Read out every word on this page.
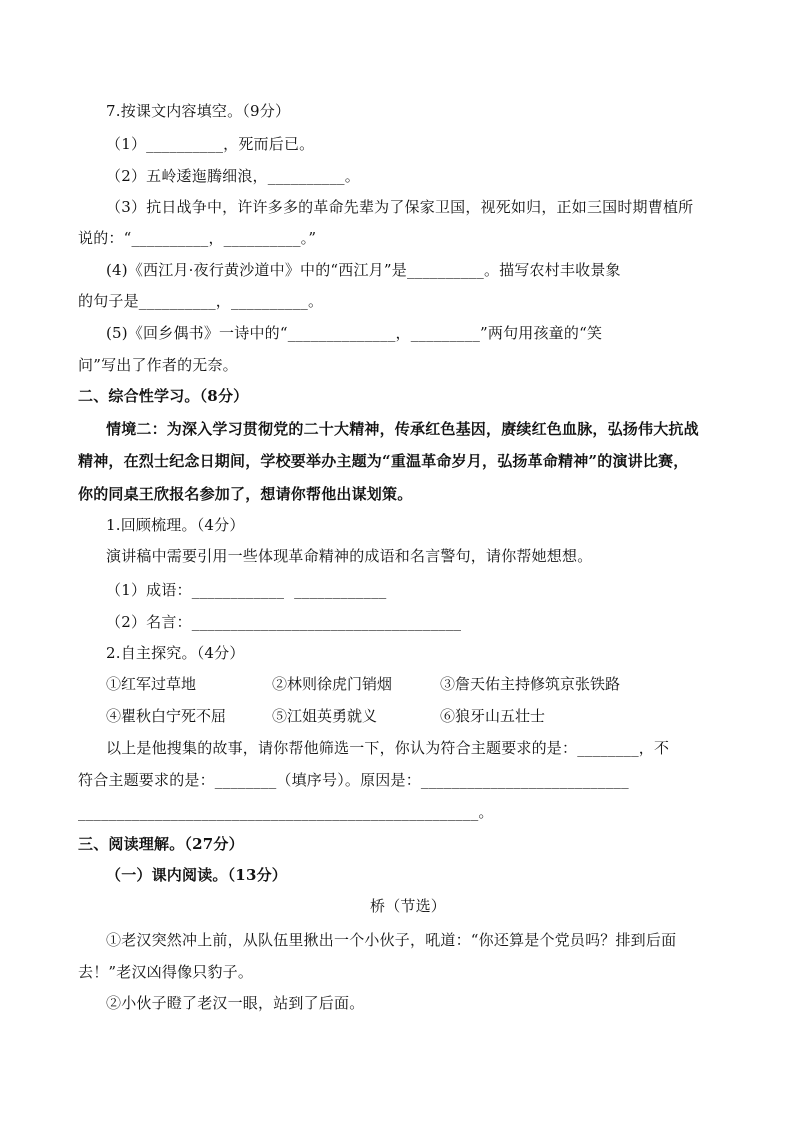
7.按课文内容填空。（9分）
（1）__________，死而后已。
（2）五岭逶迤腾细浪，__________。
（3）抗日战争中，许许多多的革命先辈为了保家卫国，视死如归，正如三国时期曹植所
说的：“__________，__________。”
(4)《西江月·夜行黄沙道中》中的“西江月”是__________。描写农村丰收景象
的句子是__________，__________。
(5)《回乡偶书》一诗中的“______________，_________”两句用孩童的“笑
问”写出了作者的无奈。
二、综合性学习。（8分）
情境二：为深入学习贯彻党的二十大精神，传承红色基因，赓续红色血脉，弘扬伟大抗战
精神，在烈士纪念日期间，学校要举办主题为“重温革命岁月，弘扬革命精神”的演讲比赛，
你的同桌王欣报名参加了，想请你帮他出谋划策。
1.回顾梳理。（4分）
演讲稿中需要引用一些体现革命精神的成语和名言警句，请你帮她想想。
（1）成语：____________  ____________
（2）名言：___________________________________
2.自主探究。（4分）
①红军过草地	②林则徐虎门销烟	③詹天佑主持修筑京张铁路
④瞿秋白宁死不屈	⑤江姐英勇就义	⑥狼牙山五壮士
以上是他搜集的故事，请你帮他筛选一下，你认为符合主题要求的是：________，不
符合主题要求的是：________（填序号）。原因是：___________________________
____________________________________________________。
三、阅读理解。（27分）
（一）课内阅读。（13分）
桥（节选）
①老汉突然冲上前，从队伍里揪出一个小伙子，吼道：“你还算是个党员吗？排到后面
去！”老汉凶得像只豹子。
②小伙子瞪了老汉一眼，站到了后面。
